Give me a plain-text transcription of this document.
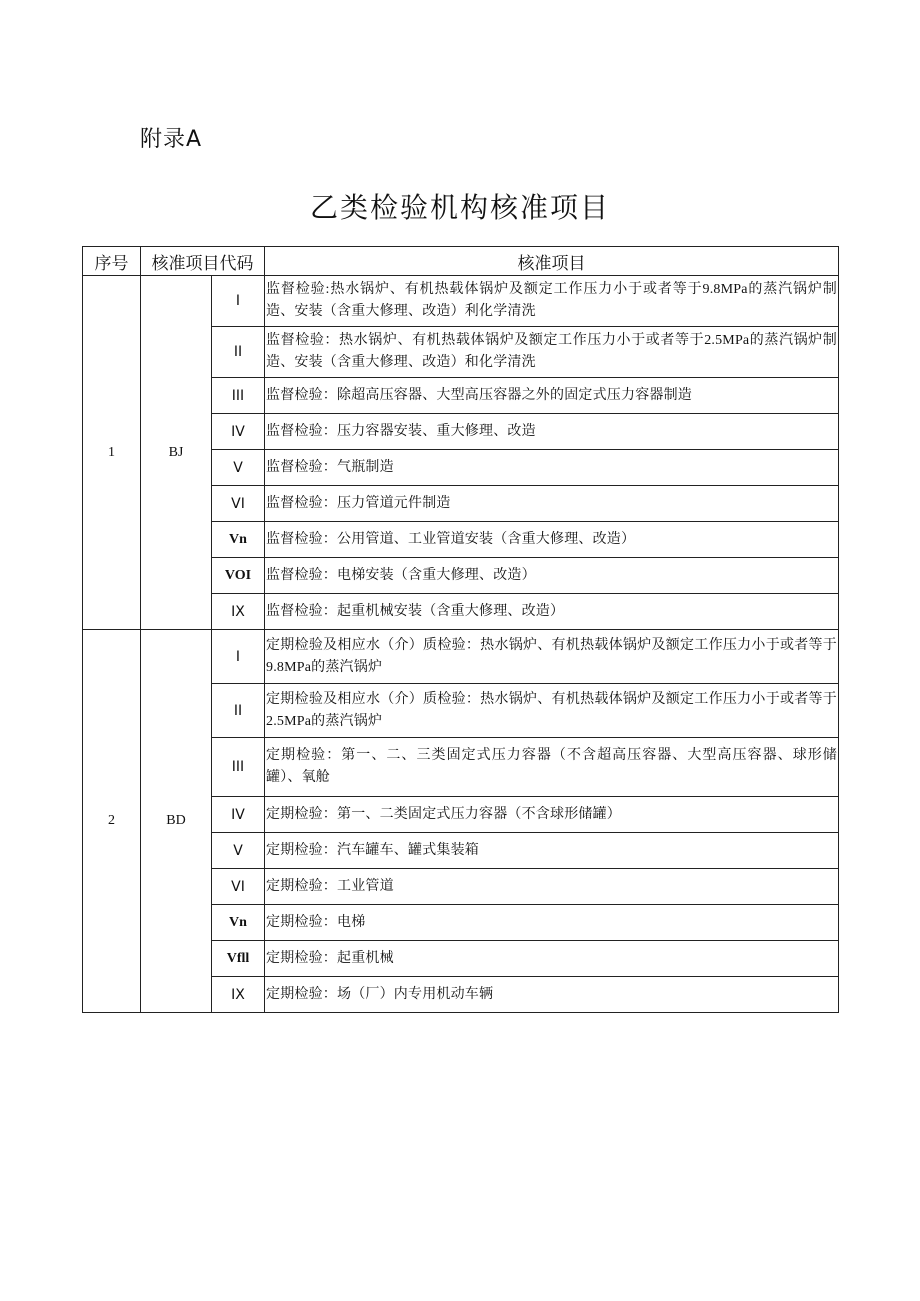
附录A
乙类检验机构核准项目
序号	核准项目代码		核准项目
1	BJ	I	监督检验:热水锅炉、有机热载体锅炉及额定工作压力小于或者等于9.8MPa的蒸汽锅炉制造、安装（含重大修理、改造）利化学清洗
		II	监督检验：热水锅炉、有机热载体锅炉及额定工作压力小于或者等于2.5MPa的蒸汽锅炉制造、安装（含重大修理、改造）和化学清洗
		III	监督检验：除超高压容器、大型高压容器之外的固定式压力容器制造
		IV	监督检验：压力容器安装、重大修理、改造
		V	监督检验：气瓶制造
		VI	监督检验：压力管道元件制造
		Vn	监督检验：公用管道、工业管道安装（含重大修理、改造）
		VOI	监督检验：电梯安装（含重大修理、改造）
		IX	监督检验：起重机械安装（含重大修理、改造）
2	BD	I	定期检验及相应水（介）质检验：热水锅炉、有机热载体锅炉及额定工作压力小于或者等于9.8MPa的蒸汽锅炉
		II	定期检验及相应水（介）质检验：热水锅炉、有机热载体锅炉及额定工作压力小于或者等于2.5MPa的蒸汽锅炉
		III	定期检验：第一、二、三类固定式压力容器（不含超高压容器、大型高压容器、球形储罐）、氧舱
		IV	定期检验：第一、二类固定式压力容器（不含球形储罐）
		V	定期检验：汽车罐车、罐式集装箱
		VI	定期检验：工业管道
		Vn	定期检验：电梯
		Vfll	定期检验：起重机械
		IX	定期检验：场（厂）内专用机动车辆
